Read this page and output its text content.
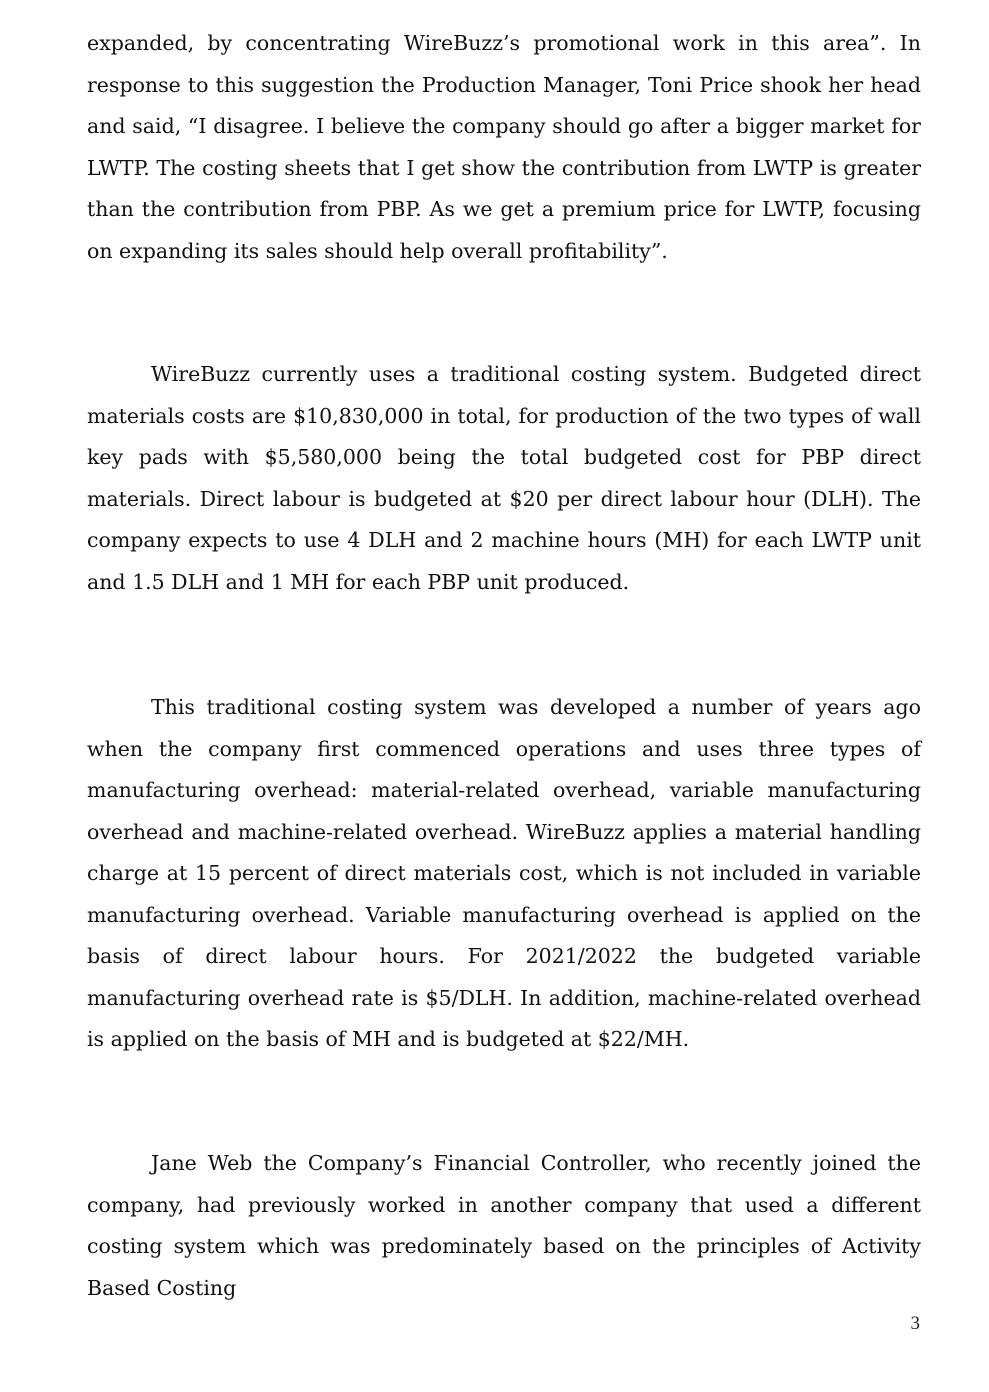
expanded, by concentrating WireBuzz’s promotional work in this area”. In response to this suggestion the Production Manager, Toni Price shook her head and said, “I disagree. I believe the company should go after a bigger market for LWTP. The costing sheets that I get show the contribution from LWTP is greater than the contribution from PBP. As we get a premium price for LWTP, focusing on expanding its sales should help overall profitability”.

WireBuzz currently uses a traditional costing system. Budgeted direct materials costs are $10,830,000 in total, for production of the two types of wall key pads with $5,580,000 being the total budgeted cost for PBP direct materials. Direct labour is budgeted at $20 per direct labour hour (DLH). The company expects to use 4 DLH and 2 machine hours (MH) for each LWTP unit and 1.5 DLH and 1 MH for each PBP unit produced.

This traditional costing system was developed a number of years ago when the company first commenced operations and uses three types of manufacturing overhead: material-related overhead, variable manufacturing overhead and machine-related overhead. WireBuzz applies a material handling charge at 15 percent of direct materials cost, which is not included in variable manufacturing overhead. Variable manufacturing overhead is applied on the basis of direct labour hours. For 2021/2022 the budgeted variable manufacturing overhead rate is $5/DLH. In addition, machine-related overhead is applied on the basis of MH and is budgeted at $22/MH.

Jane Web the Company’s Financial Controller, who recently joined the company, had previously worked in another company that used a different costing system which was predominately based on the principles of Activity Based Costing

3
